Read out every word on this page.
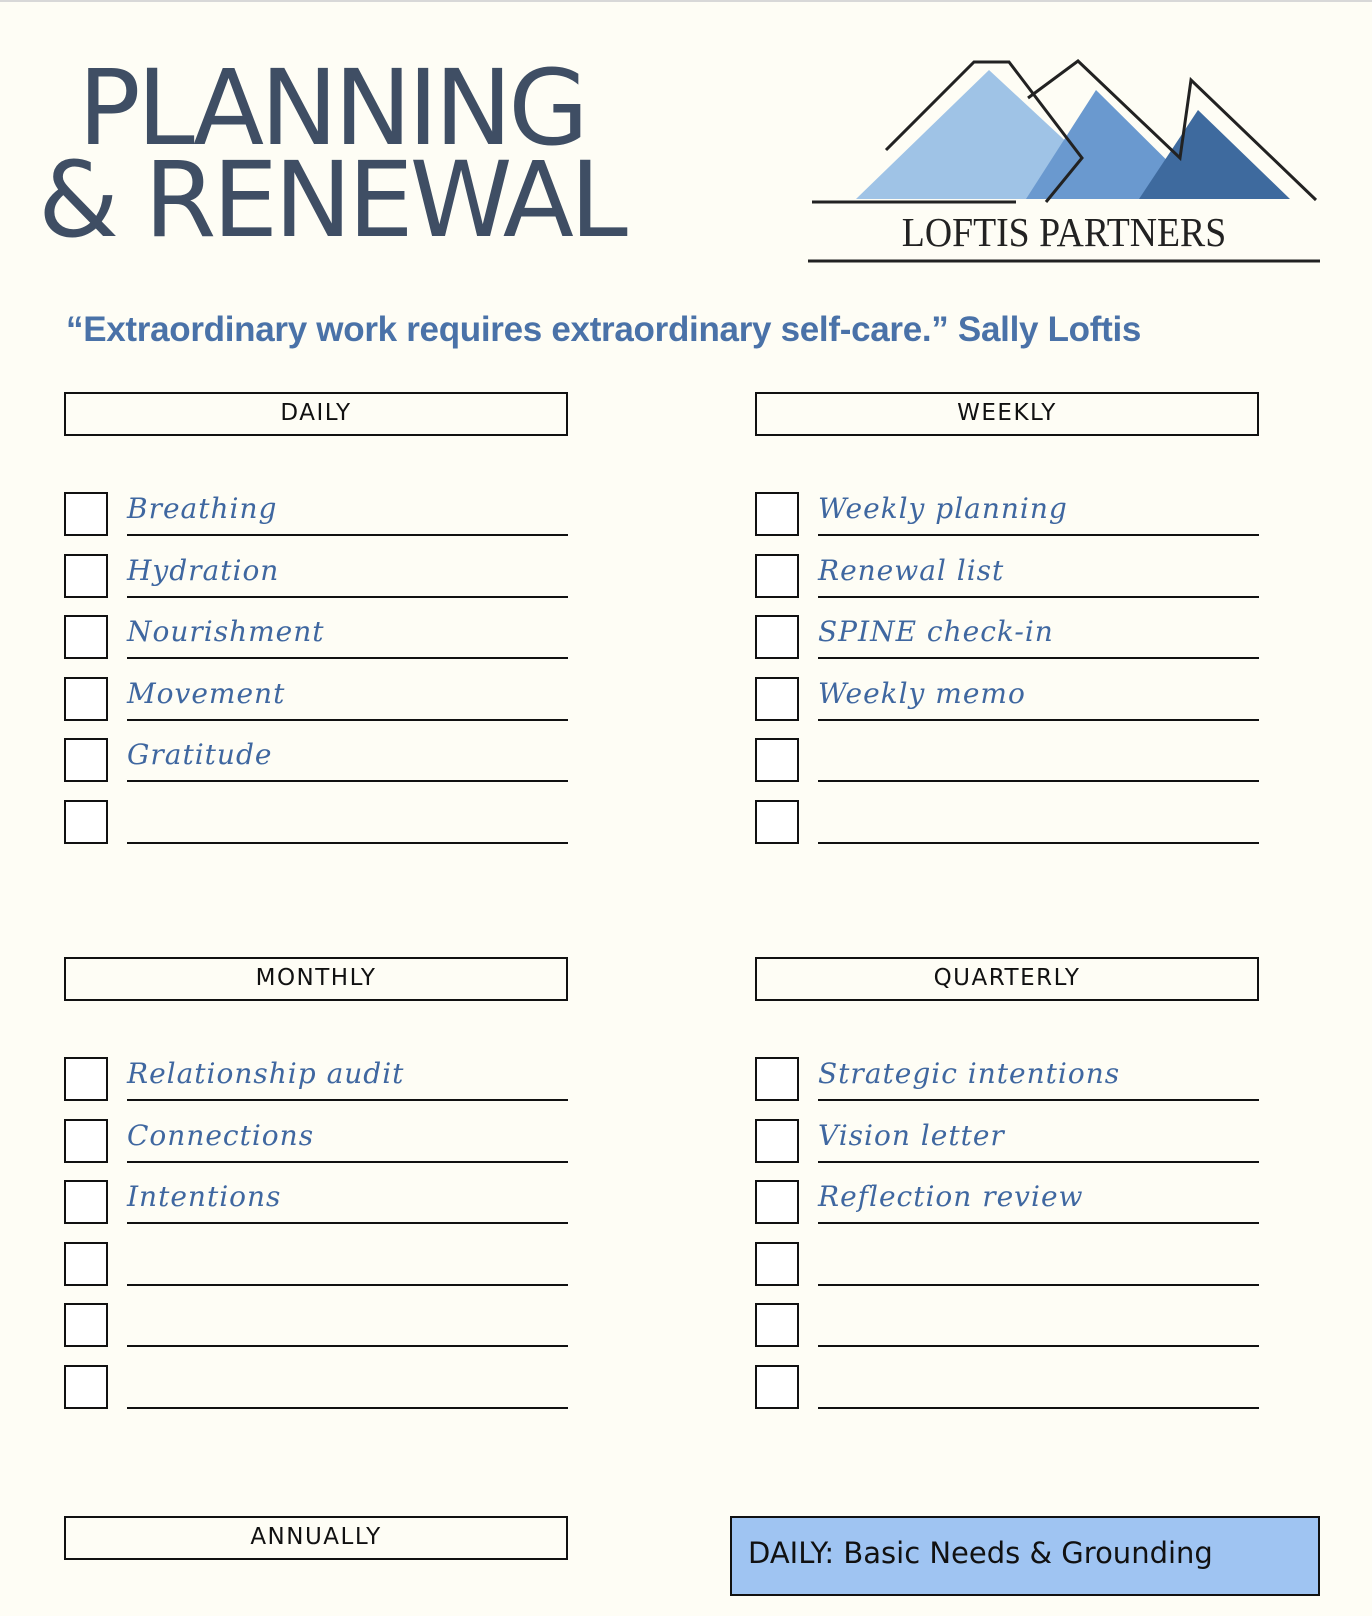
PLANNING
& RENEWAL	LOFTIS PARTNERS
“Extraordinary work requires extraordinary self-care.” Sally Loftis
DAILY
Breathing
Hydration
Nourishment
Movement
Gratitude
WEEKLY
Weekly planning
Renewal list
SPINE check-in
Weekly memo
MONTHLY
Relationship audit
Connections
Intentions
QUARTERLY
Strategic intentions
Vision letter
Reflection review
ANNUALLY	DAILY: Basic Needs & Grounding
